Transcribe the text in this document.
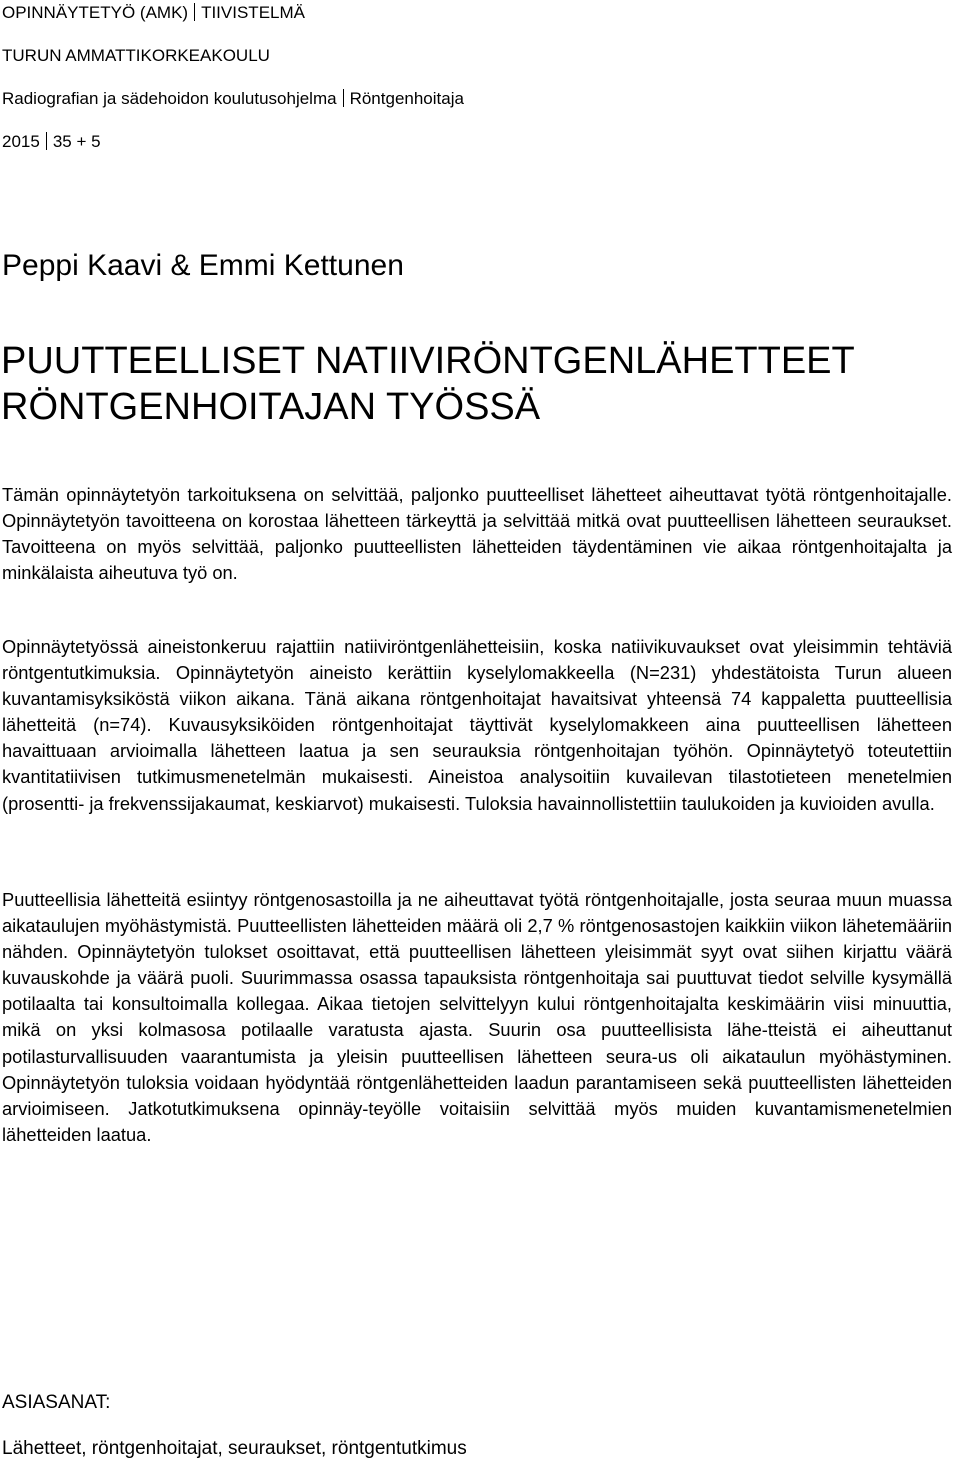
OPINNÄYTETYÖ (AMK) TIIVISTELMÄ
TURUN AMMATTIKORKEAKOULU
Radiografian ja sädehoidon koulutusohjelma Röntgenhoitaja
2015 35 + 5
Peppi Kaavi & Emmi Kettunen
PUUTTEELLISET NATIIVIRÖNTGENLÄHETTEET
RÖNTGENHOITAJAN TYÖSSÄ

Tämän opinnäytetyön tarkoituksena on selvittää, paljonko puutteelliset lähetteet aiheuttavat työtä röntgenhoitajalle. Opinnäytetyön tavoitteena on korostaa lähetteen tärkeyttä ja selvittää mitkä ovat puutteellisen lähetteen seuraukset. Tavoitteena on myös selvittää, paljonko puutteellisten lähetteiden täydentäminen vie aikaa röntgenhoitajalta ja minkälaista aiheutuva työ on.

Opinnäytetyössä aineistonkeruu rajattiin natiiviröntgenlähetteisiin, koska natiivikuvaukset ovat yleisimmin tehtäviä röntgentutkimuksia. Opinnäytetyön aineisto kerättiin kyselylomakkeella (N=231) yhdestätoista Turun alueen kuvantamisyksiköstä viikon aikana. Tänä aikana röntgenhoitajat havaitsivat yhteensä 74 kappaletta puutteellisia lähetteitä (n=74). Kuvausyksiköiden röntgenhoitajat täyttivät kyselylomakkeen aina puutteellisen lähetteen havaittuaan arvioimalla lähetteen laatua ja sen seurauksia röntgenhoitajan työhön. Opinnäytetyö toteutettiin kvantitatiivisen tutkimusmenetelmän mukaisesti. Aineistoa analysoitiin kuvailevan tilastotieteen menetelmien (prosentti- ja frekvenssijakaumat, keskiarvot) mukaisesti. Tuloksia havainnollistettiin taulukoiden ja kuvioiden avulla.

Puutteellisia lähetteitä esiintyy röntgenosastoilla ja ne aiheuttavat työtä röntgenhoitajalle, josta seuraa muun muassa aikataulujen myöhästymistä. Puutteellisten lähetteiden määrä oli 2,7 % röntgenosastojen kaikkiin viikon lähetemääriin nähden. Opinnäytetyön tulokset osoittavat, että puutteellisen lähetteen yleisimmät syyt ovat siihen kirjattu väärä kuvauskohde ja väärä puoli. Suurimmassa osassa tapauksista röntgenhoitaja sai puuttuvat tiedot selville kysymällä potilaalta tai konsultoimalla kollegaa. Aikaa tietojen selvittelyyn kului röntgenhoitajalta keskimäärin viisi minuuttia, mikä on yksi kolmasosa potilaalle varatusta ajasta. Suurin osa puutteellisista lähe-tteistä ei aiheuttanut potilasturvallisuuden vaarantumista ja yleisin puutteellisen lähetteen seura-us oli aikataulun myöhästyminen. Opinnäytetyön tuloksia voidaan hyödyntää röntgenlähetteiden laadun parantamiseen sekä puutteellisten lähetteiden arvioimiseen. Jatkotutkimuksena opinnäy-teyölle voitaisiin selvittää myös muiden kuvantamismenetelmien lähetteiden laatua.

ASIASANAT:
Lähetteet, röntgenhoitajat, seuraukset, röntgentutkimus
